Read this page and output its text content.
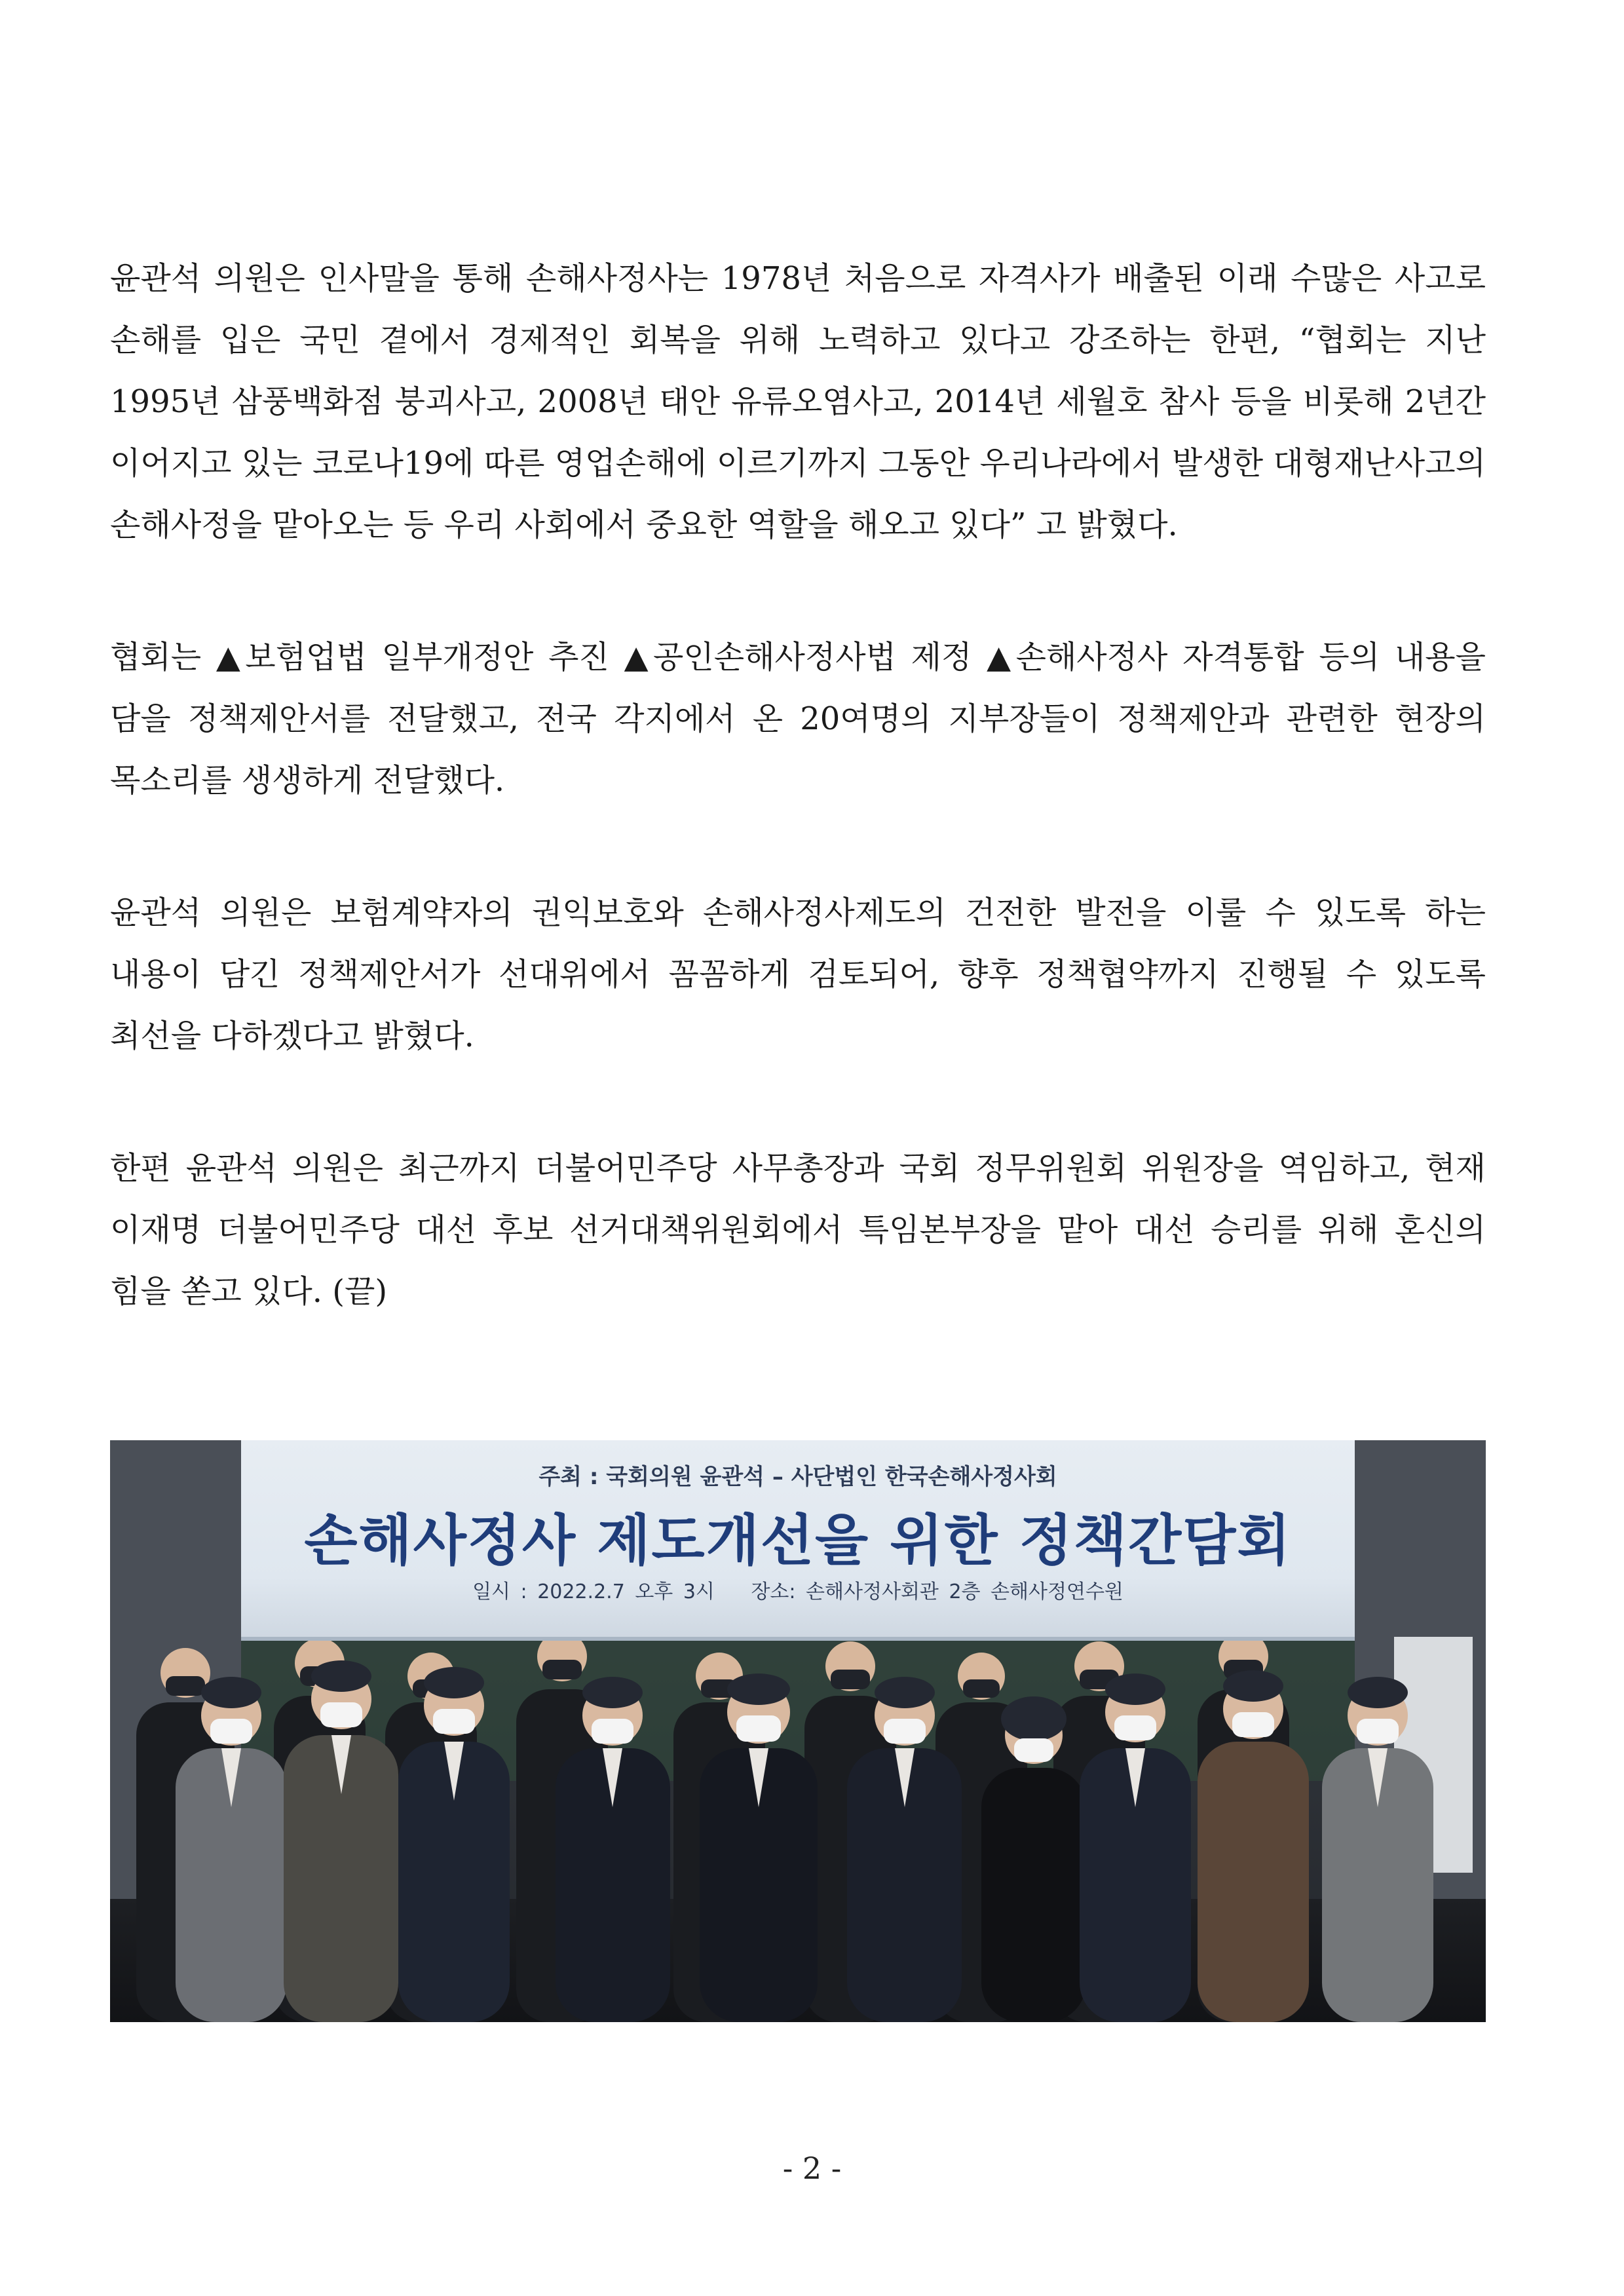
윤관석 의원은 인사말을 통해 손해사정사는 1978년 처음으로 자격사가 배출된 이래 수많은 사고로 손해를 입은 국민 곁에서 경제적인 회복을 위해 노력하고 있다고 강조하는 한편, “협회는 지난 1995년 삼풍백화점 붕괴사고, 2008년 태안 유류오염사고, 2014년 세월호 참사 등을 비롯해 2년간 이어지고 있는 코로나19에 따른 영업손해에 이르기까지 그동안 우리나라에서 발생한 대형재난사고의 손해사정을 맡아오는 등 우리 사회에서 중요한 역할을 해오고 있다” 고 밝혔다.

협회는 ▲보험업법 일부개정안 추진 ▲공인손해사정사법 제정 ▲손해사정사 자격통합 등의 내용을 담을 정책제안서를 전달했고, 전국 각지에서 온 20여명의 지부장들이 정책제안과 관련한 현장의 목소리를 생생하게 전달했다.

윤관석 의원은 보험계약자의 권익보호와 손해사정사제도의 건전한 발전을 이룰 수 있도록 하는 내용이 담긴 정책제안서가 선대위에서 꼼꼼하게 검토되어, 향후 정책협약까지 진행될 수 있도록 최선을 다하겠다고 밝혔다.

한편 윤관석 의원은 최근까지 더불어민주당 사무총장과 국회 정무위원회 위원장을 역임하고, 현재 이재명 더불어민주당 대선 후보 선거대책위원회에서 특임본부장을 맡아 대선 승리를 위해 혼신의 힘을 쏟고 있다. (끝)

주최 : 국회의원 윤관석 – 사단법인 한국손해사정사회
손해사정사 제도개선을 위한 정책간담회
일시 : 2022.2.7 오후 3시 장소: 손해사정사회관 2층 손해사정연수원
- 2 -
